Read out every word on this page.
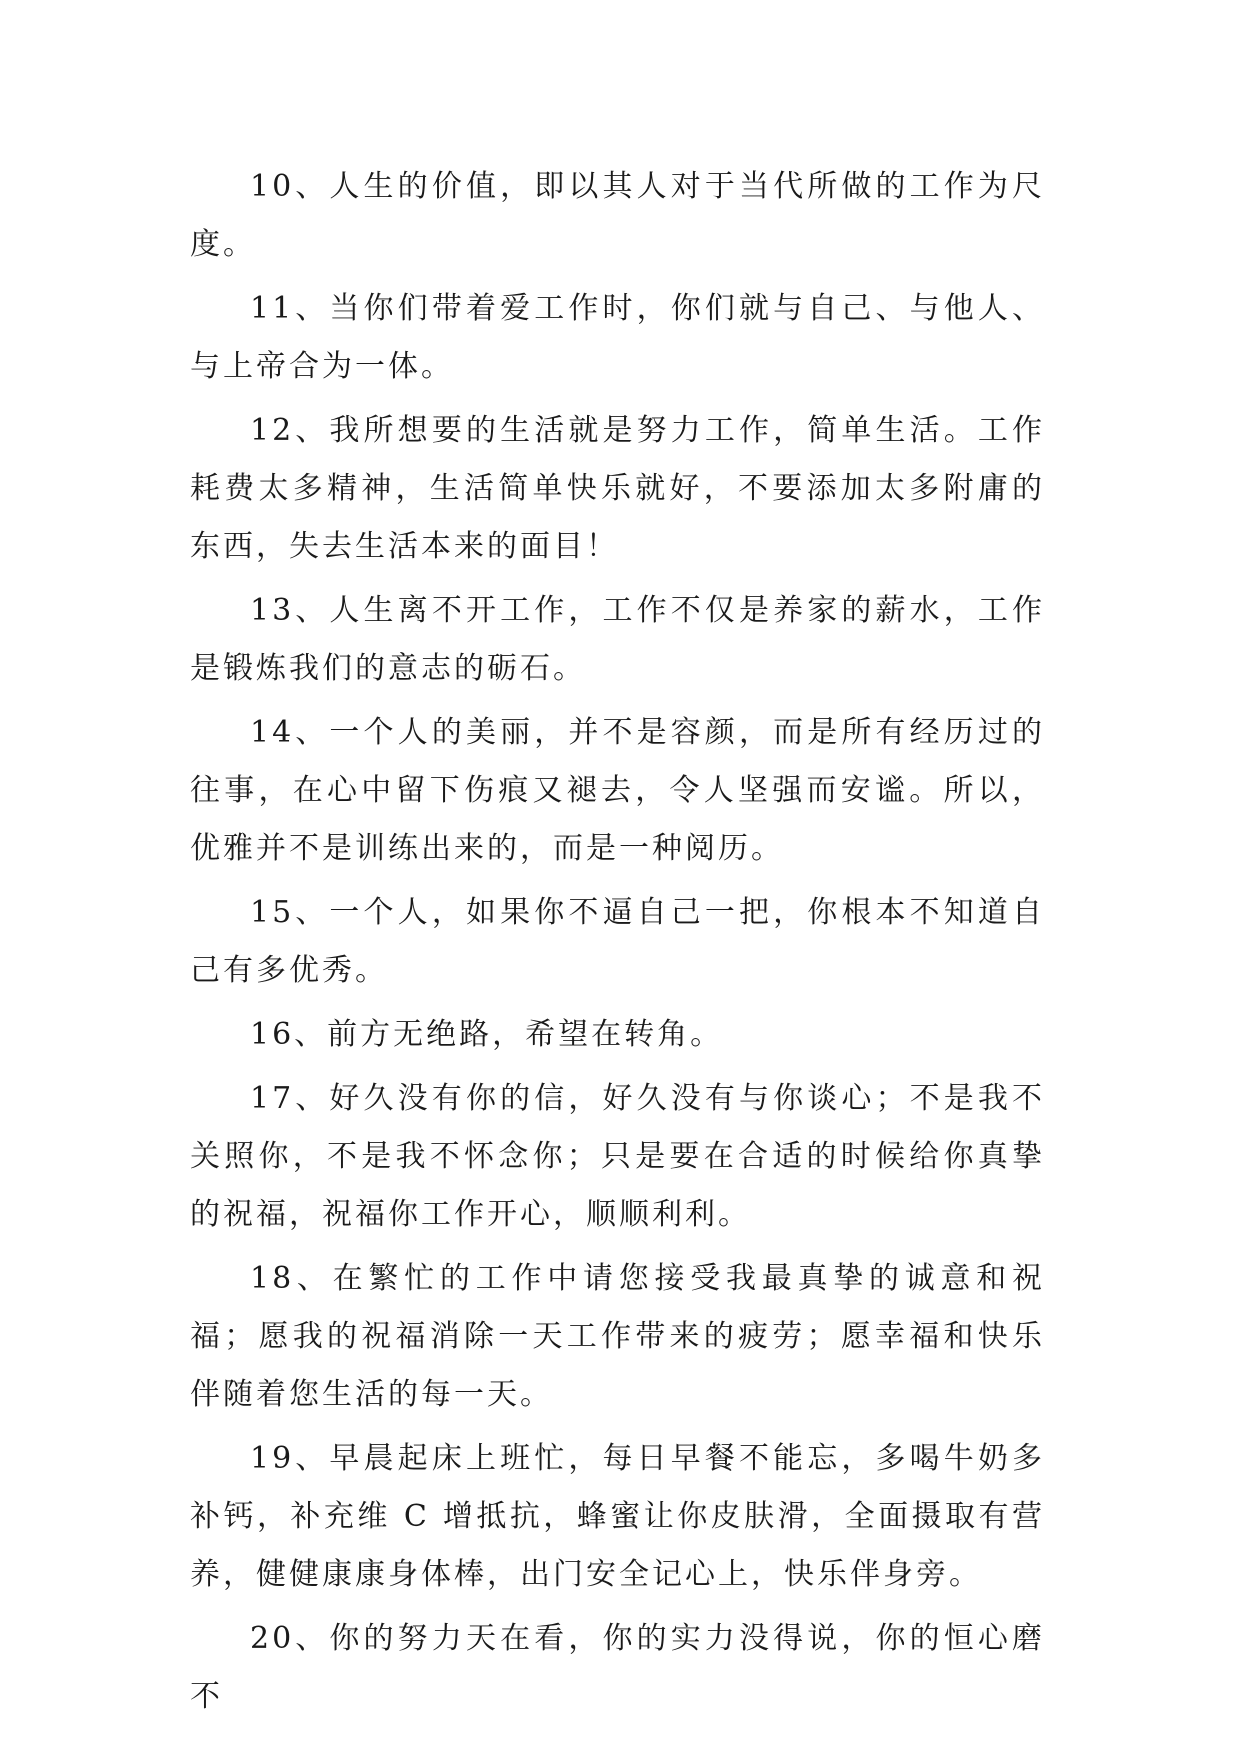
10、人生的价值，即以其人对于当代所做的工作为尺度。

11、当你们带着爱工作时，你们就与自己、与他人、与上帝合为一体。

12、我所想要的生活就是努力工作，简单生活。工作耗费太多精神，生活简单快乐就好，不要添加太多附庸的东西，失去生活本来的面目！

13、人生离不开工作，工作不仅是养家的薪水，工作是锻炼我们的意志的砺石。

14、一个人的美丽，并不是容颜，而是所有经历过的往事，在心中留下伤痕又褪去，令人坚强而安谧。所以，优雅并不是训练出来的，而是一种阅历。

15、一个人，如果你不逼自己一把，你根本不知道自己有多优秀。

16、前方无绝路，希望在转角。

17、好久没有你的信，好久没有与你谈心；不是我不关照你，不是我不怀念你；只是要在合适的时候给你真挚的祝福，祝福你工作开心，顺顺利利。

18、在繁忙的工作中请您接受我最真挚的诚意和祝福；愿我的祝福消除一天工作带来的疲劳；愿幸福和快乐伴随着您生活的每一天。

19、早晨起床上班忙，每日早餐不能忘，多喝牛奶多补钙，补充维 C 增抵抗，蜂蜜让你皮肤滑，全面摄取有营养，健健康康身体棒，出门安全记心上，快乐伴身旁。

20、你的努力天在看，你的实力没得说，你的恒心磨不
